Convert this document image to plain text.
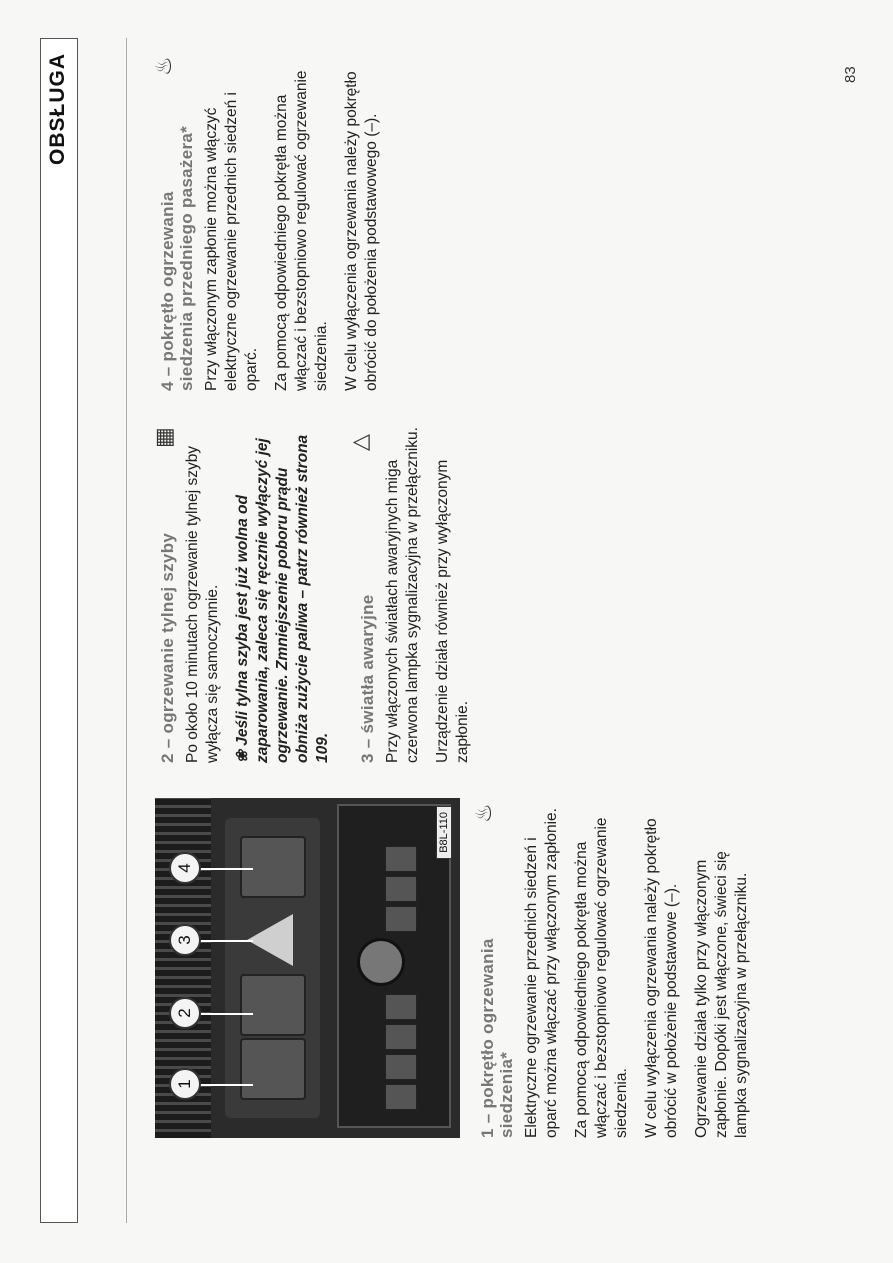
OBSŁUGA
1
2
3
4
B8L-110 ♨
1 – pokrętło ogrzewania siedzenia* Elektryczne ogrzewanie przednich siedzeń i oparć można włączać przy włączonym zapłonie. Za pomocą odpowiedniego pokrętła można włączać i bezstopniowo regulować ogrzewanie siedzenia. W celu wyłączenia ogrzewania należy pokrętło obrócić w położenie podstawowe (–). Ogrzewanie działa tylko przy włączonym zapłonie. Dopóki jest włączone, świeci się lampka sygnalizacyjna w przełączniku.

▦
2 – ogrzewanie tylnej szyby Po około 10 minutach ogrzewanie tylnej szyby wyłącza się samoczynnie. ❀ Jeśli tylna szyba jest już wolna od zaparowania, zaleca się ręcznie wyłączyć jej ogrzewanie. Zmniejszenie poboru prądu obniża zużycie paliwa – patrz również strona 109.

△
3 – światła awaryjne Przy włączonych światłach awaryjnych miga czerwona lampka sygnalizacyjna w przełączniku. Urządzenie działa również przy wyłączonym zapłonie.

♨
4 – pokrętło ogrzewania siedzenia przedniego pasażera* Przy włączonym zapłonie można włączyć elektryczne ogrzewanie przednich siedzeń i oparć. Za pomocą odpowiedniego pokrętła można włączać i bezstopniowo regulować ogrzewanie siedzenia. W celu wyłączenia ogrzewania należy pokrętło obrócić do położenia podstawowego (–).

83
